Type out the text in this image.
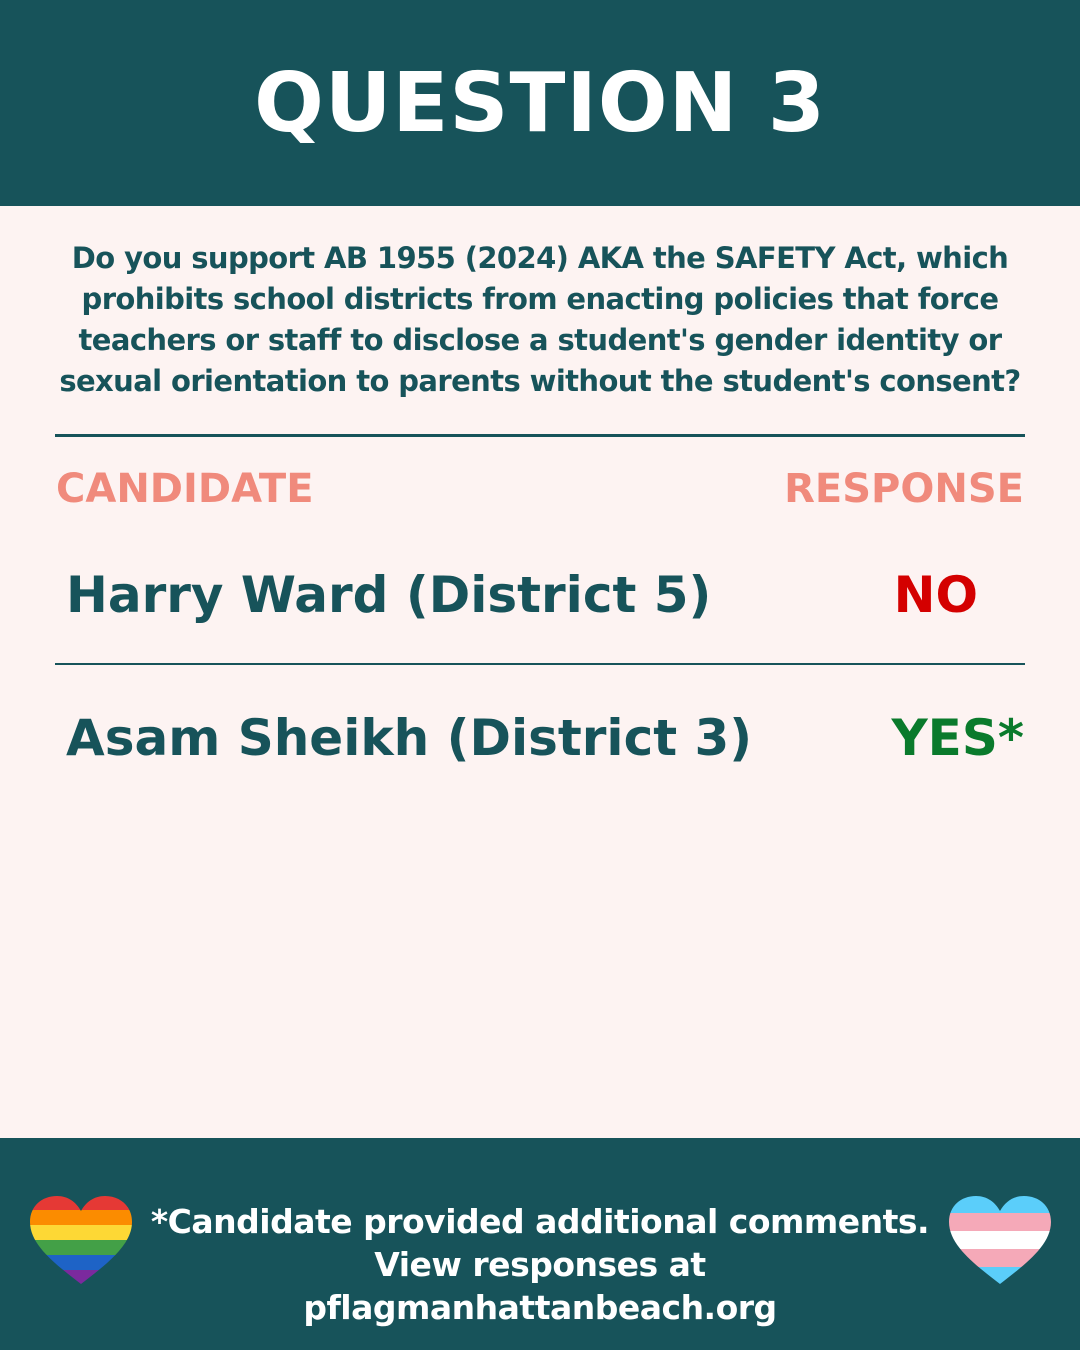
QUESTION 3
Do you support AB 1955 (2024) AKA the SAFETY Act, which
prohibits school districts from enacting policies that force
teachers or staff to disclose a student's gender identity or
sexual orientation to parents without the student's consent?
CANDIDATE	RESPONSE
Harry Ward (District 5)	NO
Asam Sheikh (District 3)	YES*
*Candidate provided additional comments.
View responses at pflagmanhattanbeach.org
